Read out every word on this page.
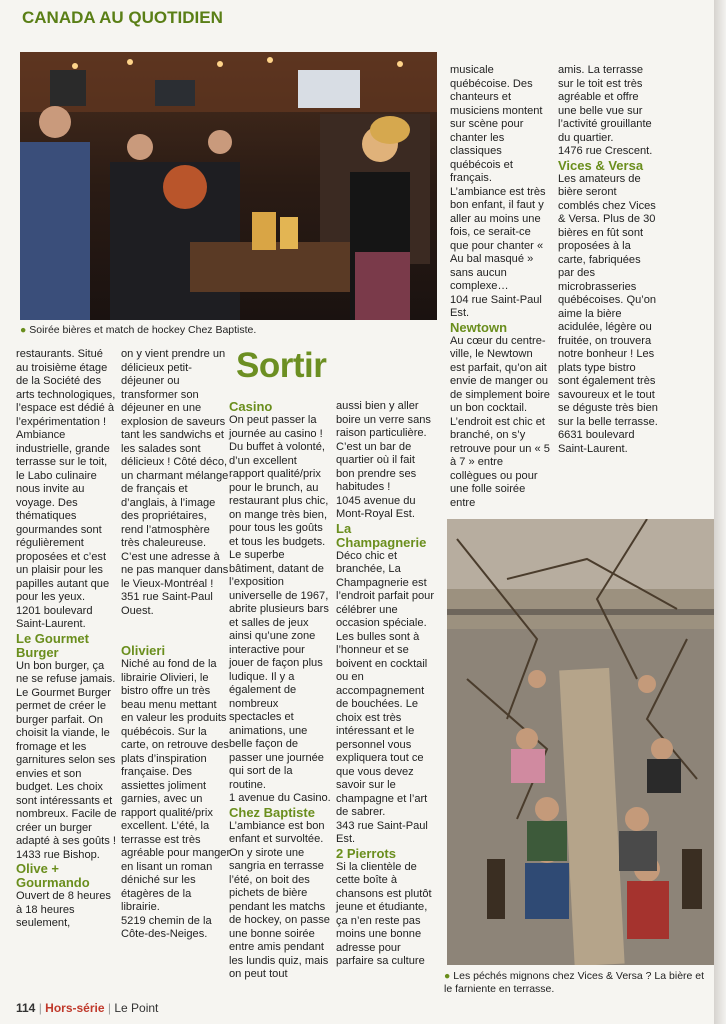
CANADA AU QUOTIDIEN
● Soirée bières et match de hockey Chez Baptiste.

restaurants. Situé au troisième étage de la Société des arts technologiques, l’espace est dédié à l’expérimentation ! Ambiance industrielle, grande terrasse sur le toit, le Labo culinaire nous invite au voyage. Des thématiques gourmandes sont régulièrement proposées et c’est un plaisir pour les papilles autant que pour les yeux.

1201 boulevard Saint-Laurent.

Le Gourmet Burger

Un bon burger, ça ne se refuse jamais. Le Gourmet Burger permet de créer le burger parfait. On choisit la viande, le fromage et les garnitures selon ses envies et son budget. Les choix sont intéressants et nombreux. Facile de créer un burger adapté à ses goûts !

1433 rue Bishop.

Olive + Gourmando

Ouvert de 8 heures à 18 heures seulement,

on y vient prendre un délicieux petit-déjeuner ou transformer son déjeuner en une explosion de saveurs tant les sandwichs et les salades sont délicieux ! Côté déco, un charmant mélange de français et d’anglais, à l’image des propriétaires, rend l’atmosphère très chaleureuse. C’est une adresse à ne pas manquer dans le Vieux-Montréal !

351 rue Saint-Paul Ouest.

Olivieri

Niché au fond de la librairie Olivieri, le bistro offre un très beau menu mettant en valeur les produits québécois. Sur la carte, on retrouve des plats d’inspiration française. Des assiettes joliment garnies, avec un rapport qualité/prix excellent. L’été, la terrasse est très agréable pour manger en lisant un roman déniché sur les étagères de la librairie.

5219 chemin de la Côte-des-Neiges.

Sortir

Casino

On peut passer la journée au casino ! Du buffet à volonté, d’un excellent rapport qualité/prix pour le brunch, au restaurant plus chic, on mange très bien, pour tous les goûts et tous les budgets. Le superbe bâtiment, datant de l’exposition universelle de 1967, abrite plusieurs bars et salles de jeux ainsi qu’une zone interactive pour jouer de façon plus ludique. Il y a également de nombreux spectacles et animations, une belle façon de passer une journée qui sort de la routine.

1 avenue du Casino.

Chez Baptiste

L’ambiance est bon enfant et survoltée. On y sirote une sangria en terrasse l’été, on boit des pichets de bière pendant les matchs de hockey, on passe une bonne soirée entre amis pendant les lundis quiz, mais on peut tout

aussi bien y aller boire un verre sans raison particulière. C’est un bar de quartier où il fait bon prendre ses habitudes !

1045 avenue du Mont-Royal Est.

La Champagnerie

Déco chic et branchée, La Champagnerie est l’endroit parfait pour célébrer une occasion spéciale. Les bulles sont à l’honneur et se boivent en cocktail ou en accompagnement de bouchées. Le choix est très intéressant et le personnel vous expliquera tout ce que vous devez savoir sur le champagne et l’art de sabrer.

343 rue Saint-Paul Est.

2 Pierrots

Si la clientèle de cette boîte à chansons est plutôt jeune et étudiante, ça n’en reste pas moins une bonne adresse pour parfaire sa culture

musicale québécoise. Des chanteurs et musiciens montent sur scène pour chanter les classiques québécois et français. L’ambiance est très bon enfant, il faut y aller au moins une fois, ce serait-ce que pour chanter « Au bal masqué » sans aucun complexe…

104 rue Saint-Paul Est.

Newtown

Au cœur du centre-ville, le Newtown est parfait, qu’on ait envie de manger ou de simplement boire un bon cocktail. L’endroit est chic et branché, on s’y retrouve pour un « 5 à 7 » entre collègues ou pour une folle soirée entre

amis. La terrasse sur le toit est très agréable et offre une belle vue sur l’activité grouillante du quartier.

1476 rue Crescent.

Vices & Versa

Les amateurs de bière seront comblés chez Vices & Versa. Plus de 30 bières en fût sont proposées à la carte, fabriquées par des microbrasseries québécoises. Qu’on aime la bière acidulée, légère ou fruitée, on trouvera notre bonheur ! Les plats type bistro sont également très savoureux et le tout se déguste très bien sur la belle terrasse.

6631 boulevard Saint-Laurent.

● Les péchés mignons chez Vices & Versa ? La bière et le farniente en terrasse.
114 | Hors-série | Le Point
